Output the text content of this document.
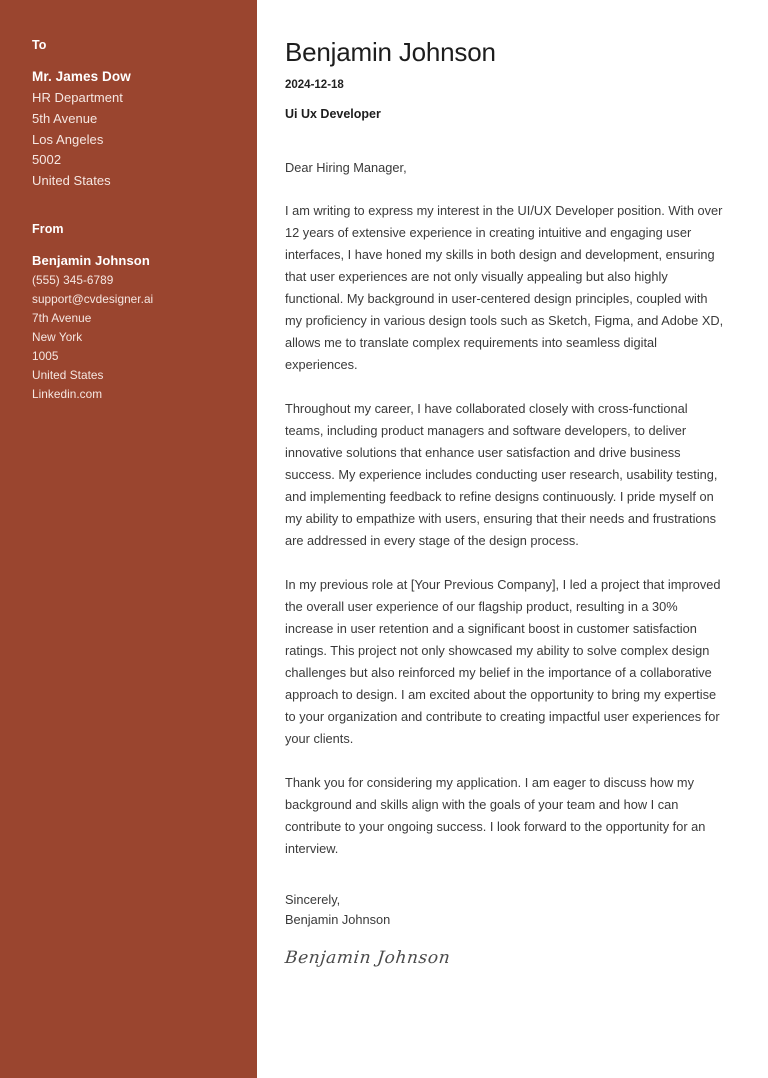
To
Mr. James Dow
HR Department
5th Avenue
Los Angeles
5002
United States
From
Benjamin Johnson
(555) 345-6789
support@cvdesigner.ai
7th Avenue
New York
1005
United States
Linkedin.com
Benjamin Johnson
2024-12-18
Ui Ux Developer

Dear Hiring Manager,

I am writing to express my interest in the UI/UX Developer position. With over 12 years of extensive experience in creating intuitive and engaging user interfaces, I have honed my skills in both design and development, ensuring that user experiences are not only visually appealing but also highly functional. My background in user-centered design principles, coupled with my proficiency in various design tools such as Sketch, Figma, and Adobe XD, allows me to translate complex requirements into seamless digital experiences.

Throughout my career, I have collaborated closely with cross-functional teams, including product managers and software developers, to deliver innovative solutions that enhance user satisfaction and drive business success. My experience includes conducting user research, usability testing, and implementing feedback to refine designs continuously. I pride myself on my ability to empathize with users, ensuring that their needs and frustrations are addressed in every stage of the design process.

In my previous role at [Your Previous Company], I led a project that improved the overall user experience of our flagship product, resulting in a 30% increase in user retention and a significant boost in customer satisfaction ratings. This project not only showcased my ability to solve complex design challenges but also reinforced my belief in the importance of a collaborative approach to design. I am excited about the opportunity to bring my expertise to your organization and contribute to creating impactful user experiences for your clients.

Thank you for considering my application. I am eager to discuss how my background and skills align with the goals of your team and how I can contribute to your ongoing success. I look forward to the opportunity for an interview.

Sincerely,
Benjamin Johnson
Benjamin Johnson
